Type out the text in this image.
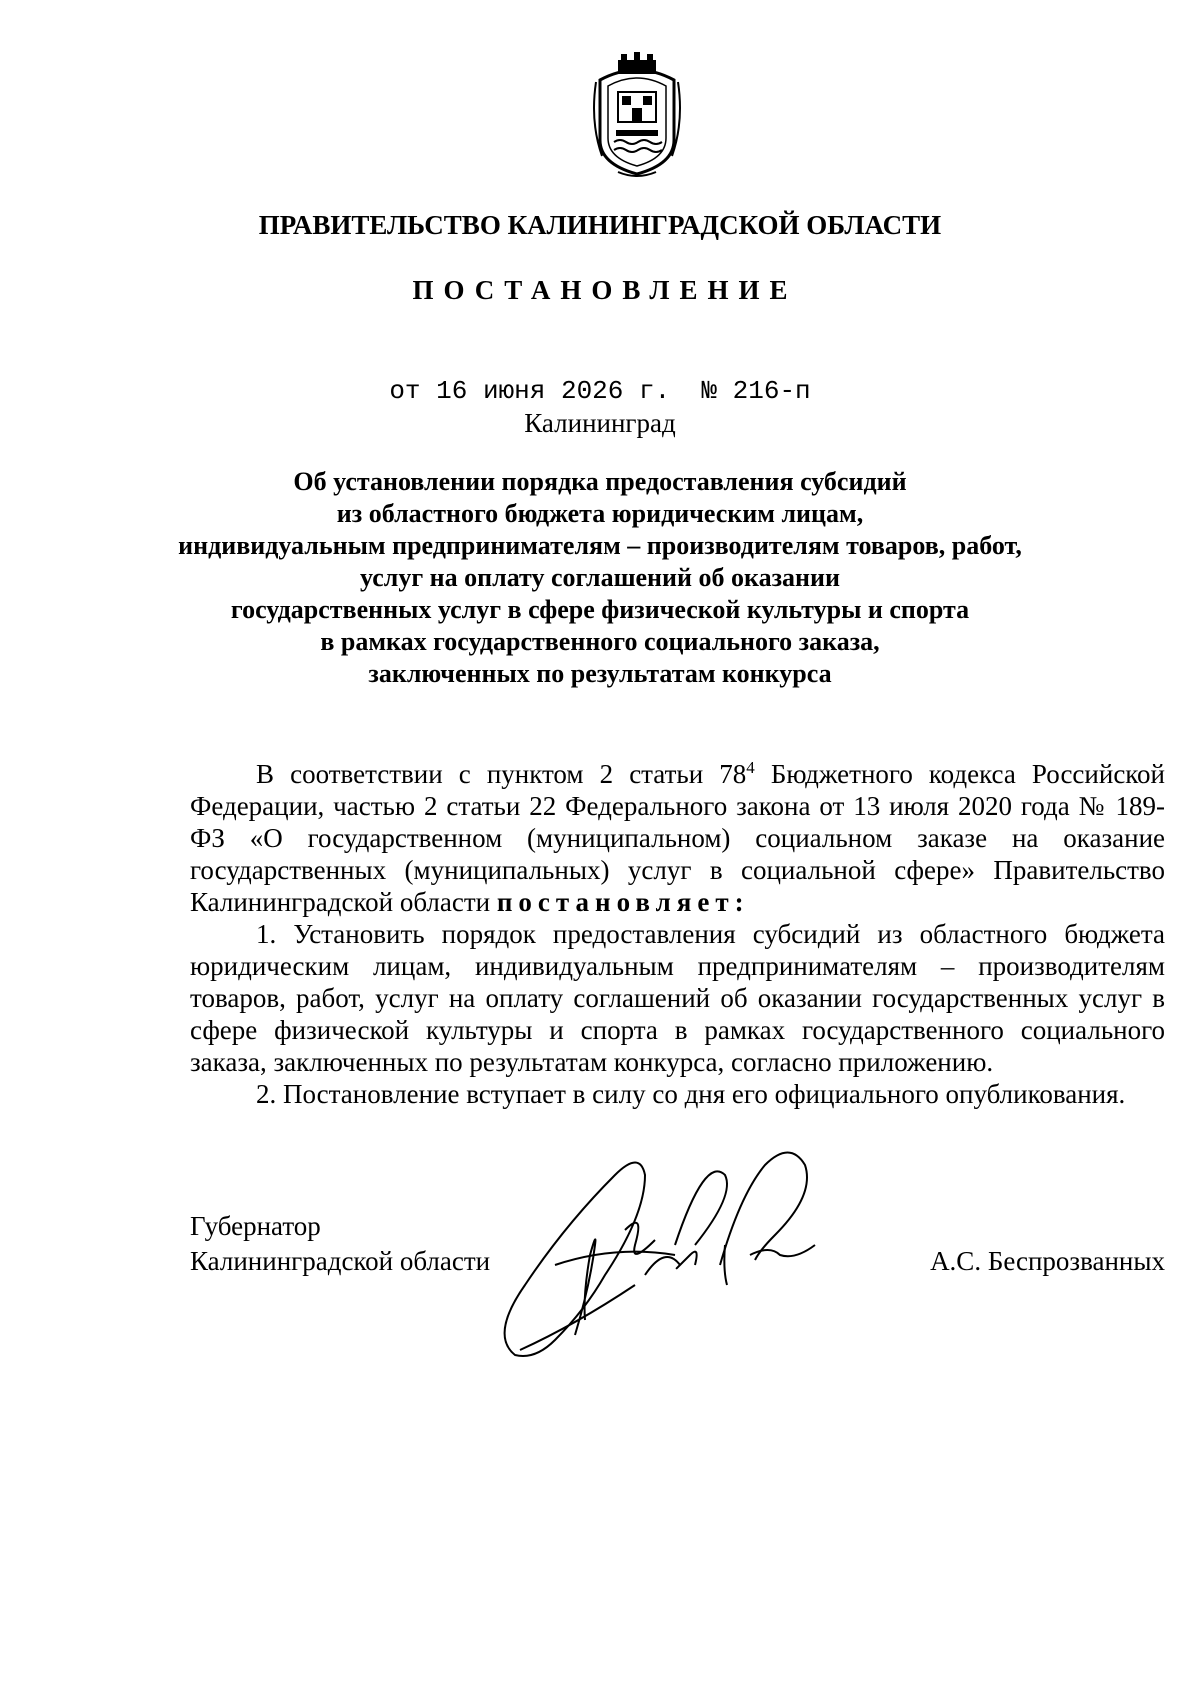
ПРАВИТЕЛЬСТВО КАЛИНИНГРАДСКОЙ ОБЛАСТИ
ПОСТАНОВЛЕНИЕ
от 16 июня 2026 г. № 216-п
Калининград
Об установлении порядка предоставления субсидий
из областного бюджета юридическим лицам,
индивидуальным предпринимателям – производителям товаров, работ,
услуг на оплату соглашений об оказании
государственных услуг в сфере физической культуры и спорта
в рамках государственного социального заказа,
заключенных по результатам конкурса

В соответствии с пунктом 2 статьи $78^4$ Бюджетного кодекса Российской Федерации, частью 2 статьи 22 Федерального закона от 13 июля 2020 года № 189-ФЗ «О государственном (муниципальном) социальном заказе на оказание государственных (муниципальных) услуг в социальной сфере» Правительство Калининградской области постановляет:

1. Установить порядок предоставления субсидий из областного бюджета юридическим лицам, индивидуальным предпринимателям – производителям товаров, работ, услуг на оплату соглашений об оказании государственных услуг в сфере физической культуры и спорта в рамках государственного социального заказа, заключенных по результатам конкурса, согласно приложению.

2. Постановление вступает в силу со дня его официального опубликования.

Губернатор
Калининградской области	А.С. Беспрозванных
